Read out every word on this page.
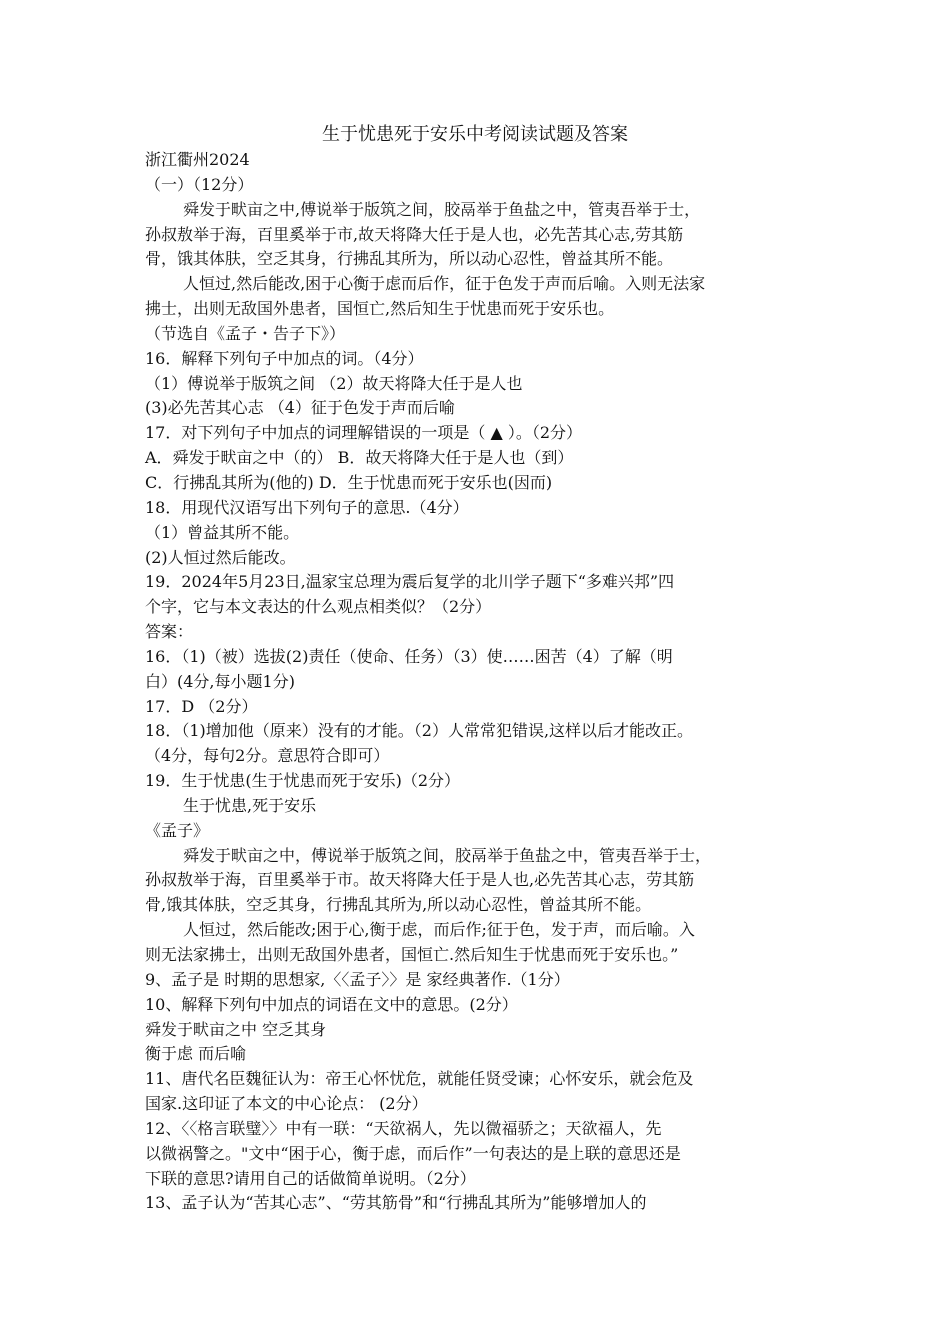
生于忧患死于安乐中考阅读试题及答案
浙江衢州2024
（一）（12分）
舜发于畎亩之中,傅说举于版筑之间，胶鬲举于鱼盐之中，管夷吾举于士，
孙叔敖举于海，百里奚举于市,故天将降大任于是人也，必先苦其心志,劳其筋
骨，饿其体肤，空乏其身，行拂乱其所为，所以动心忍性，曾益其所不能。
人恒过,然后能改,困于心衡于虑而后作，征于色发于声而后喻。入则无法家
拂士，出则无敌国外患者，国恒亡,然后知生于忧患而死于安乐也。
（节选自《孟子・告子下》）
16．解释下列句子中加点的词。（4分）
（1）傅说举于版筑之间 （2）故天将降大任于是人也
(3)必先苦其心志 （4）征于色发于声而后喻
17．对下列句子中加点的词理解错误的一项是（ ▲ ）。（2分）
A．舜发于畎亩之中（的） B．故天将降大任于是人也（到）
C．行拂乱其所为(他的) D．生于忧患而死于安乐也(因而)
18．用现代汉语写出下列句子的意思.（4分）
（1）曾益其所不能。
(2)人恒过然后能改。
19．2024年5月23日,温家宝总理为震后复学的北川学子题下“多难兴邦”四
个字，它与本文表达的什么观点相类似？（2分）
答案：
16．（1)（被）选拔(2)责任（使命、任务）（3）使……困苦（4）了解（明
白）(4分,每小题1分)
17．D （2分）
18．（1)增加他（原来）没有的才能。（2）人常常犯错误,这样以后才能改正。
（4分，每句2分。意思符合即可）
19．生于忧患(生于忧患而死于安乐)（2分）
生于忧患,死于安乐
《孟子》
舜发于畎亩之中，傅说举于版筑之间，胶鬲举于鱼盐之中，管夷吾举于士，
孙叔敖举于海，百里奚举于市。故天将降大任于是人也,必先苦其心志，劳其筋
骨,饿其体肤，空乏其身，行拂乱其所为,所以动心忍性，曾益其所不能。
人恒过，然后能改;困于心,衡于虑，而后作;征于色，发于声，而后喻。入
则无法家拂士，出则无敌国外患者，国恒亡.然后知生于忧患而死于安乐也。”
9、孟子是 时期的思想家,〈〈孟子〉〉是 家经典著作.（1分）
10、解释下列句中加点的词语在文中的意思。(2分）
舜发于畎亩之中 空乏其身
衡于虑 而后喻
11、唐代名臣魏征认为：帝王心怀忧危，就能任贤受谏；心怀安乐，就会危及
国家.这印证了本文的中心论点： (2分）
12、〈〈格言联璧〉〉中有一联：“天欲祸人，先以微福骄之；天欲福人，先
以微祸警之。"文中“困于心，衡于虑，而后作”一句表达的是上联的意思还是
下联的意思?请用自己的话做简单说明。（2分）
13、孟子认为“苦其心志”、“劳其筋骨”和“行拂乱其所为”能够增加人的
